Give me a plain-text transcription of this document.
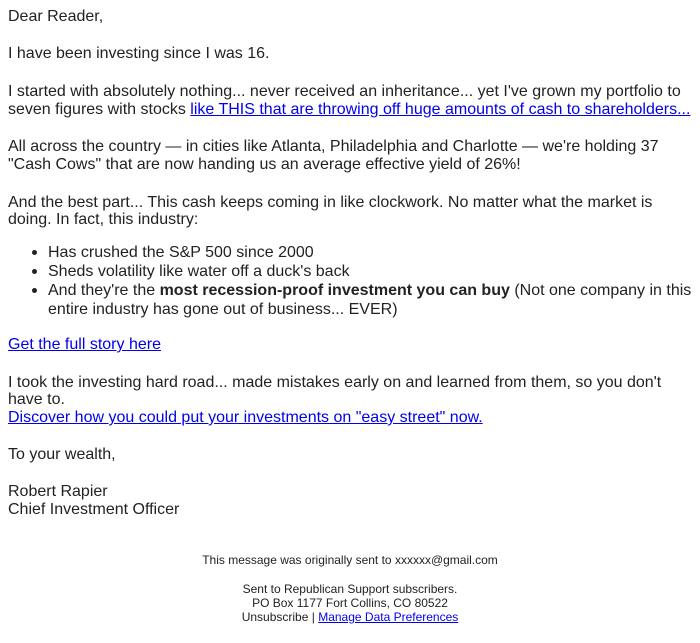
Dear Reader,
I have been investing since I was 16.
I started with absolutely nothing... never received an inheritance... yet I've grown my portfolio to
seven figures with stocks like THIS that are throwing off huge amounts of cash to shareholders...
All across the country — in cities like Atlanta, Philadelphia and Charlotte — we're holding 37
"Cash Cows" that are now handing us an average effective yield of 26%!
And the best part... This cash keeps coming in like clockwork. No matter what the market is
doing. In fact, this industry:
Has crushed the S&P 500 since 2000
Sheds volatility like water off a duck's back
And they're the most recession-proof investment you can buy (Not one company in this
entire industry has gone out of business... EVER)
Get the full story here
I took the investing hard road... made mistakes early on and learned from them, so you don't
have to.
Discover how you could put your investments on "easy street" now.
To your wealth,
Robert Rapier
Chief Investment Officer
This message was originally sent to xxxxxx@gmail.com
Sent to Republican Support subscribers.
PO Box 1177 Fort Collins, CO 80522
Unsubscribe | Manage Data Preferences
